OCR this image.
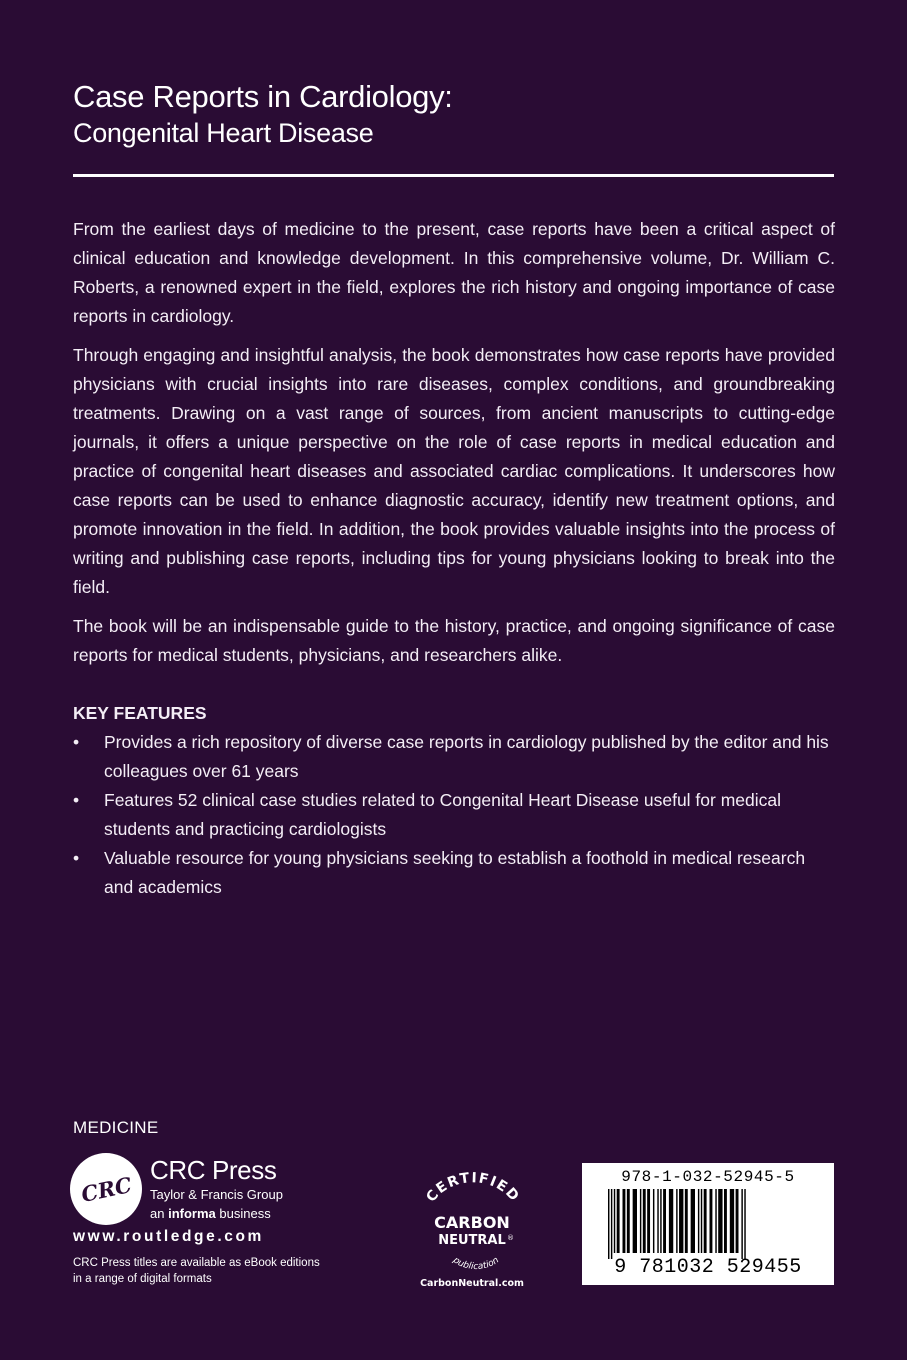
Case Reports in Cardiology:
Congenital Heart Disease

From the earliest days of medicine to the present, case reports have been a critical aspect of clinical education and knowledge development. In this comprehensive volume, Dr. William C. Roberts, a renowned expert in the field, explores the rich history and ongoing importance of case reports in cardiology.

Through engaging and insightful analysis, the book demonstrates how case reports have provided physicians with crucial insights into rare diseases, complex conditions, and groundbreaking treatments. Drawing on a vast range of sources, from ancient manuscripts to cutting-edge journals, it offers a unique perspective on the role of case reports in medical education and practice of congenital heart diseases and associated cardiac complications. It underscores how case reports can be used to enhance diagnostic accuracy, identify new treatment options, and promote innovation in the field. In addition, the book provides valuable insights into the process of writing and publishing case reports, including tips for young physicians looking to break into the field.

The book will be an indispensable guide to the history, practice, and ongoing significance of case reports for medical students, physicians, and researchers alike.

KEY FEATURES
• Provides a rich repository of diverse case reports in cardiology published by the editor and his colleagues over 61 years
• Features 52 clinical case studies related to Congenital Heart Disease useful for medical students and practicing cardiologists
• Valuable resource for young physicians seeking to establish a foothold in medical research and academics
MEDICINE
CRC
CRC Press
Taylor & Francis Group
an informa business
www.routledge.com
CRC Press titles are available as eBook editions
in a range of digital formats
CERTIFIED
CARBON
NEUTRAL ®
publication
CarbonNeutral.com
978-1-032-52945-5
9 781032 529455
